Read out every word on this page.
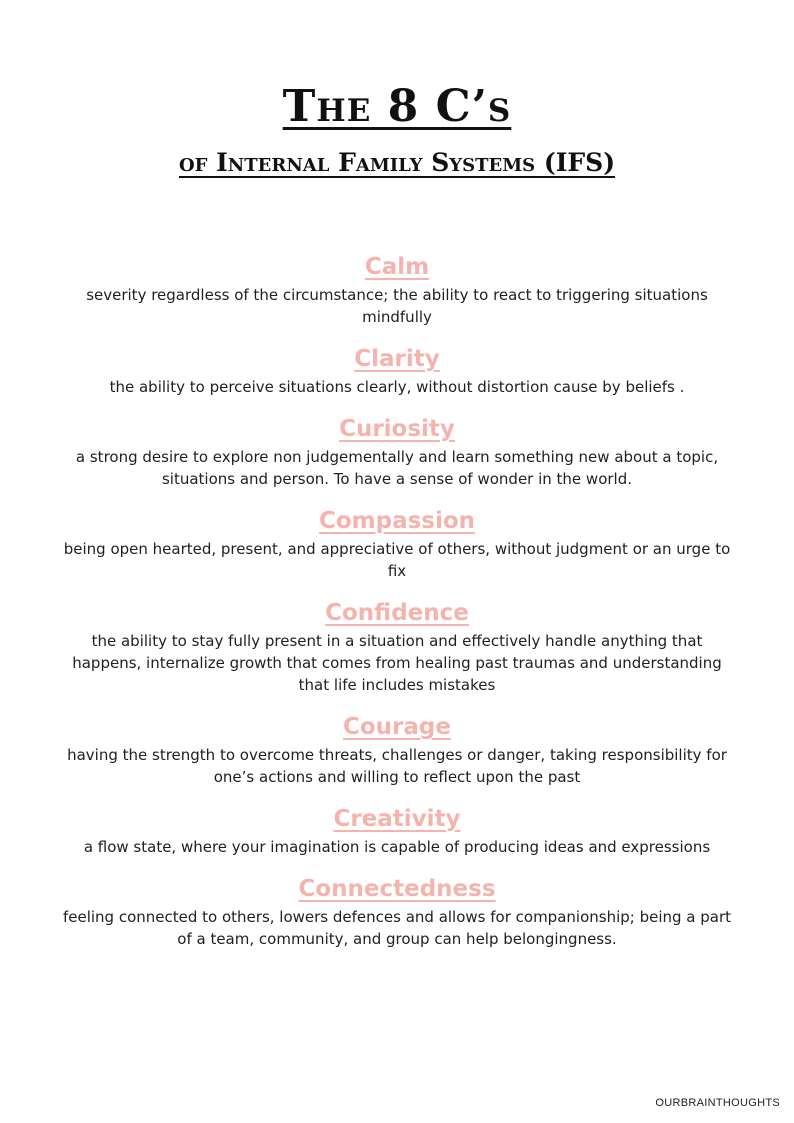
The 8 C’s
of Internal Family Systems (IFS)
Calm
severity regardless of the circumstance; the ability to react to triggering situations mindfully
Clarity
the ability to perceive situations clearly, without distortion cause by beliefs .
Curiosity
a strong desire to explore non judgementally and learn something new about a topic, situations and person. To have a sense of wonder in the world.
Compassion
being open hearted, present, and appreciative of others, without judgment or an urge to fix
Confidence
the ability to stay fully present in a situation and effectively handle anything that happens, internalize growth that comes from healing past traumas and understanding that life includes mistakes
Courage
having the strength to overcome threats, challenges or danger, taking responsibility for one’s actions and willing to reflect upon the past
Creativity
a flow state, where your imagination is capable of producing ideas and expressions
Connectedness
feeling connected to others, lowers defences and allows for companionship; being a part of a team, community, and group can help belongingness.
OURBRAINTHOUGHTS
